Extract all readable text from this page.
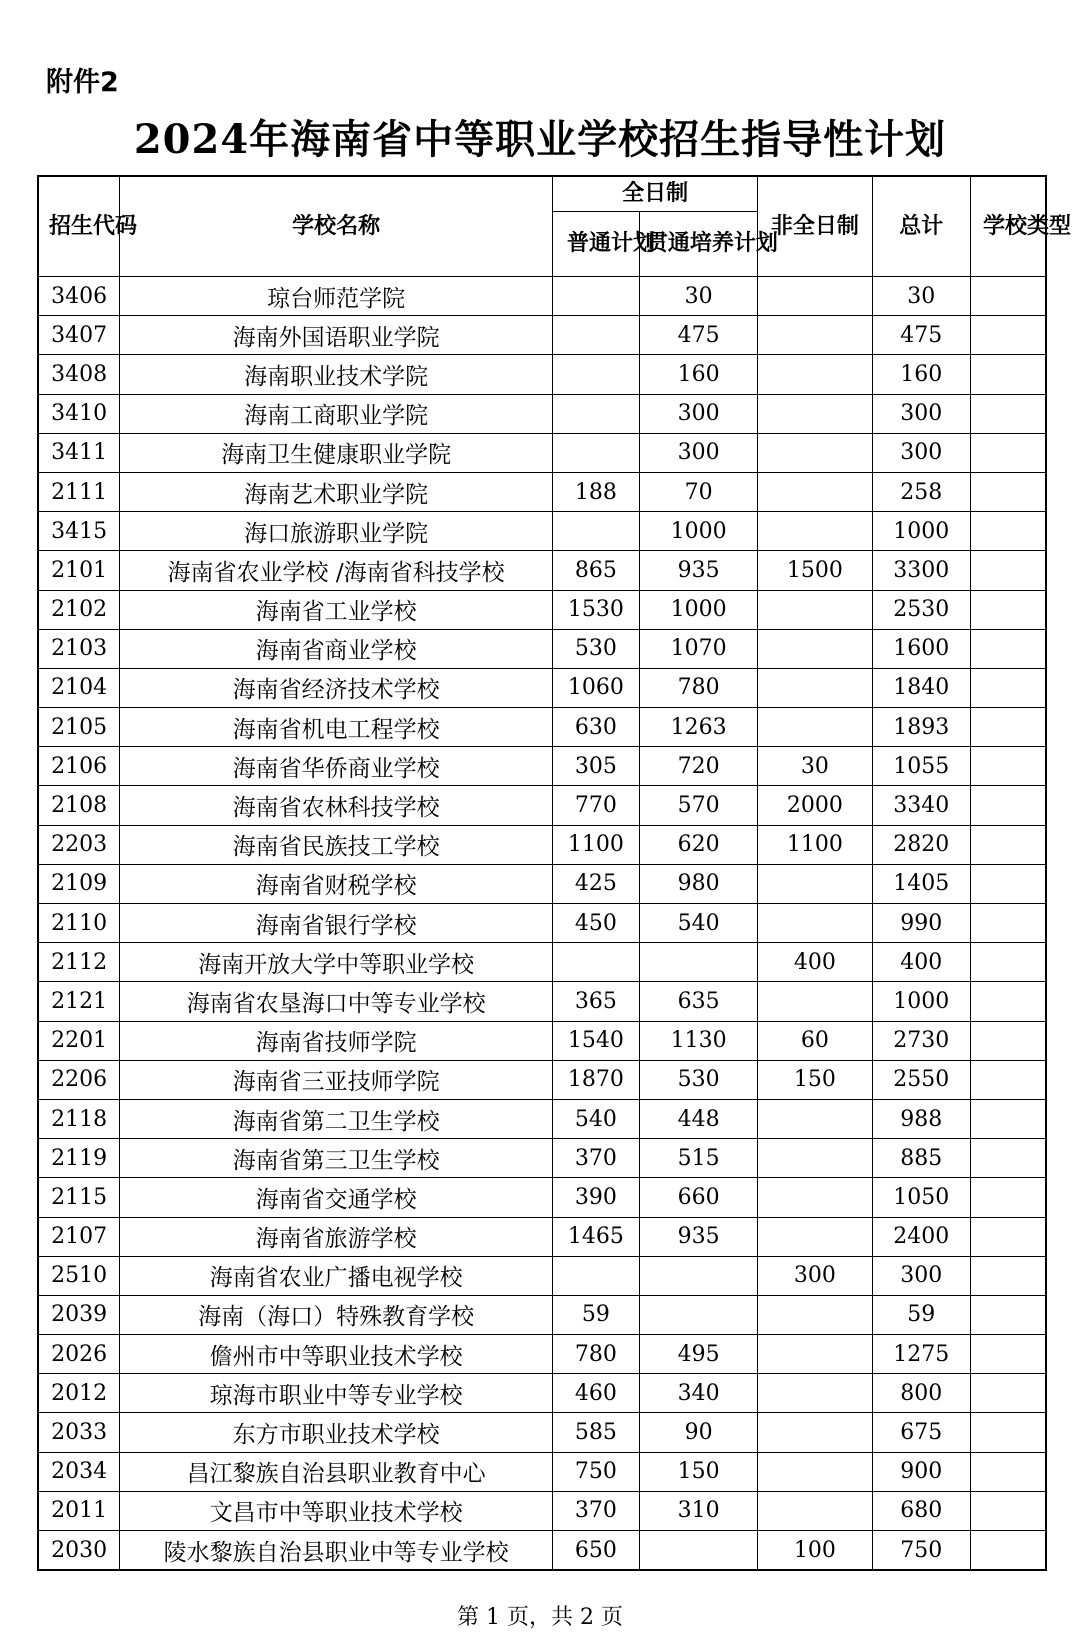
附件2
2024年海南省中等职业学校招生指导性计划
招生代码	学校名称	全日制		非全日制	总计	学校类型
		普通计划	贯通培养计划			
3406	琼台师范学院		30		30	
3407	海南外国语职业学院		475		475	
3408	海南职业技术学院		160		160	
3410	海南工商职业学院		300		300	
3411	海南卫生健康职业学院		300		300	
2111	海南艺术职业学院	188	70		258	
3415	海口旅游职业学院		1000		1000	
2101	海南省农业学校 /海南省科技学校	865	935	1500	3300	
2102	海南省工业学校	1530	1000		2530	
2103	海南省商业学校	530	1070		1600	
2104	海南省经济技术学校	1060	780		1840	
2105	海南省机电工程学校	630	1263		1893	
2106	海南省华侨商业学校	305	720	30	1055	
2108	海南省农林科技学校	770	570	2000	3340	
2203	海南省民族技工学校	1100	620	1100	2820	
2109	海南省财税学校	425	980		1405	
2110	海南省银行学校	450	540		990	
2112	海南开放大学中等职业学校			400	400	
2121	海南省农垦海口中等专业学校	365	635		1000	
2201	海南省技师学院	1540	1130	60	2730	
2206	海南省三亚技师学院	1870	530	150	2550	
2118	海南省第二卫生学校	540	448		988	
2119	海南省第三卫生学校	370	515		885	
2115	海南省交通学校	390	660		1050	
2107	海南省旅游学校	1465	935		2400	
2510	海南省农业广播电视学校			300	300	
2039	海南（海口）特殊教育学校	59			59	
2026	儋州市中等职业技术学校	780	495		1275	
2012	琼海市职业中等专业学校	460	340		800	
2033	东方市职业技术学校	585	90		675	
2034	昌江黎族自治县职业教育中心	750	150		900	
2011	文昌市中等职业技术学校	370	310		680	
2030	陵水黎族自治县职业中等专业学校	650		100	750	
第 1 页，共 2 页
